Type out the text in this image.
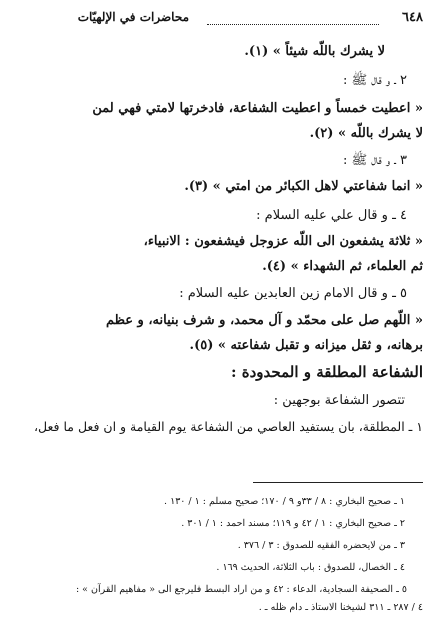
٦٤٨
محاضرات في الإلهيّات
لا يشرك باللّه شيئاً » (١).
٢ ـ و قال ﷺ :
« اعطيت خمساً و اعطيت الشفاعة، فادخرتها لامتي فهي لمن
لا يشرك باللّه » (٢).
٣ ـ و قال ﷺ :
« انما شفاعتي لاهل الكبائر من امتي » (٣).
٤ ـ و قال علي عليه السلام :
« ثلاثة يشفعون الى اللّه عزوجل فيشفعون : الانبياء،
ثم العلماء، ثم الشهداء » (٤).
٥ ـ و قال الامام زين العابدين عليه السلام :
« اللّهم صل على محمّد و آل محمد، و شرف بنيانه، و عظم
برهانه، و ثقل ميزانه و تقبل شفاعته » (٥).
الشفاعة المطلقة و المحدودة :
تتصور الشفاعة بوجهين :
١ ـ المطلقة، بان يستفيد العاصي من الشفاعة يوم القيامة و ان فعل ما فعل،
١ ـ صحيح البخاري : ٨ / ٣٣و ٩ / ١٧٠؛ صحيح مسلم : ١ / ١٣٠ .
٢ ـ صحيح البخاري : ١ / ٤٢ و ١١٩؛ مسند احمد : ١ / ٣٠١ .
٣ ـ من لايحضره الفقيه للصدوق : ٣ / ٣٧٦ .
٤ ـ الخصال، للصدوق : باب الثلاثة، الحديث ١٦٩ .
٥ ـ الصحيفة السجادية، الدعاء : ٤٢ و من اراد البسط فليرجع الى « مفاهيم القرآن » :
٤ / ٢٨٧ ـ ٣١١ لشيخنا الاستاذ ـ دام ظله ـ .
